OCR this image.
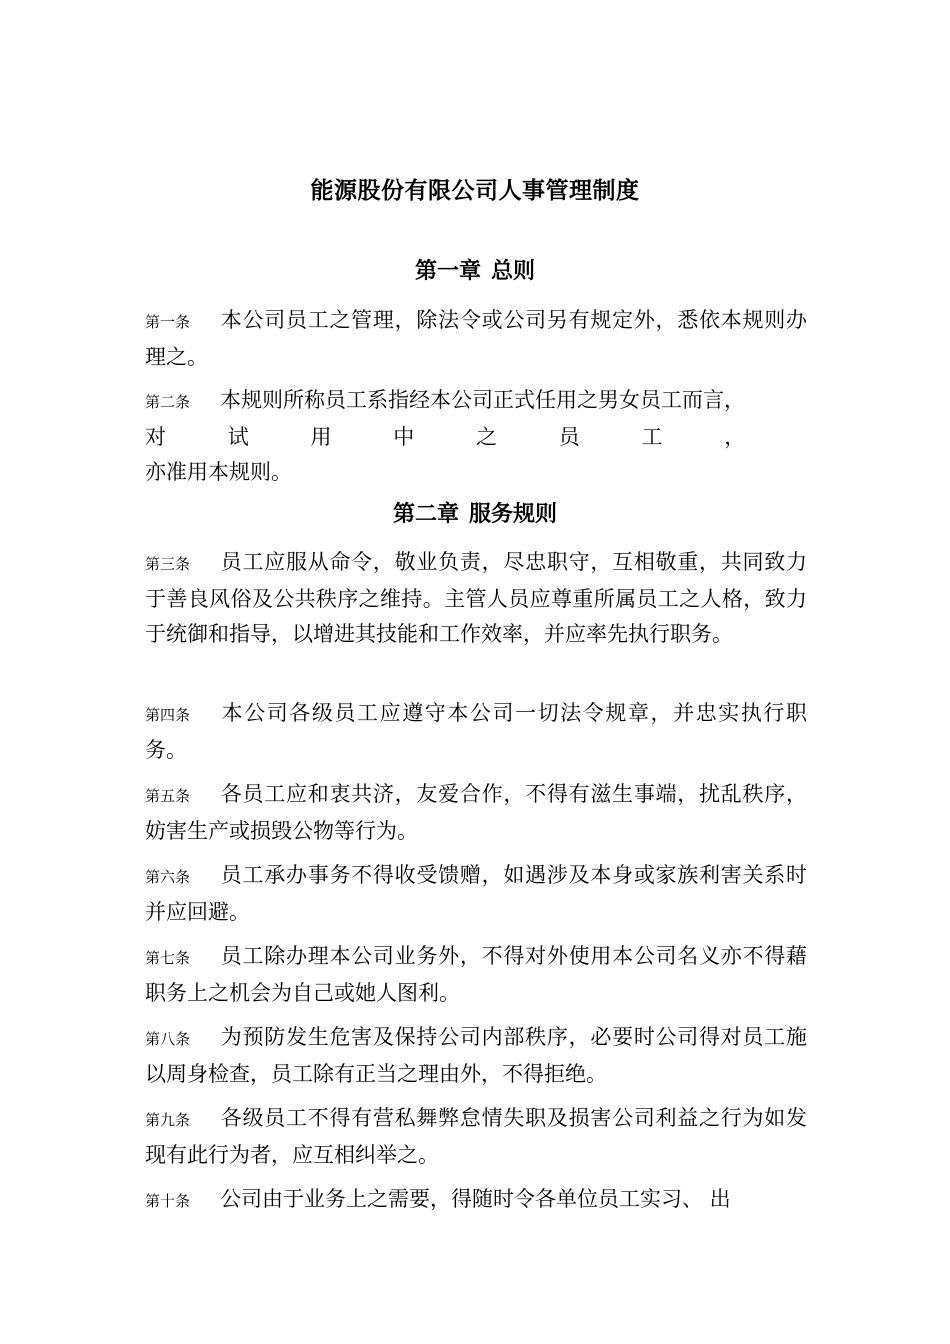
能源股份有限公司人事管理制度
第一章 总则
第一条 本公司员工之管理，除法令或公司另有规定外，悉依本规则办理之。
第二条 本规则所称员工系指经本公司正式任用之男女员工而言，
对	试	用	中	之	员	工	，
亦准用本规则。
第二章 服务规则
第三条 员工应服从命令，敬业负责，尽忠职守，互相敬重，共同致力于善良风俗及公共秩序之维持。主管人员应尊重所属员工之人格，致力于统御和指导，以增进其技能和工作效率，并应率先执行职务。
第四条 本公司各级员工应遵守本公司一切法令规章，并忠实执行职务。
第五条 各员工应和衷共济，友爱合作，不得有滋生事端，扰乱秩序，妨害生产或损毁公物等行为。
第六条 员工承办事务不得收受馈赠，如遇涉及本身或家族利害关系时并应回避。
第七条 员工除办理本公司业务外，不得对外使用本公司名义亦不得藉职务上之机会为自己或她人图利。
第八条 为预防发生危害及保持公司内部秩序，必要时公司得对员工施以周身检查，员工除有正当之理由外，不得拒绝。
第九条 各级员工不得有营私舞弊怠情失职及损害公司利益之行为如发现有此行为者，应互相纠举之。
第十条 公司由于业务上之需要，得随时令各单位员工实习、 出
